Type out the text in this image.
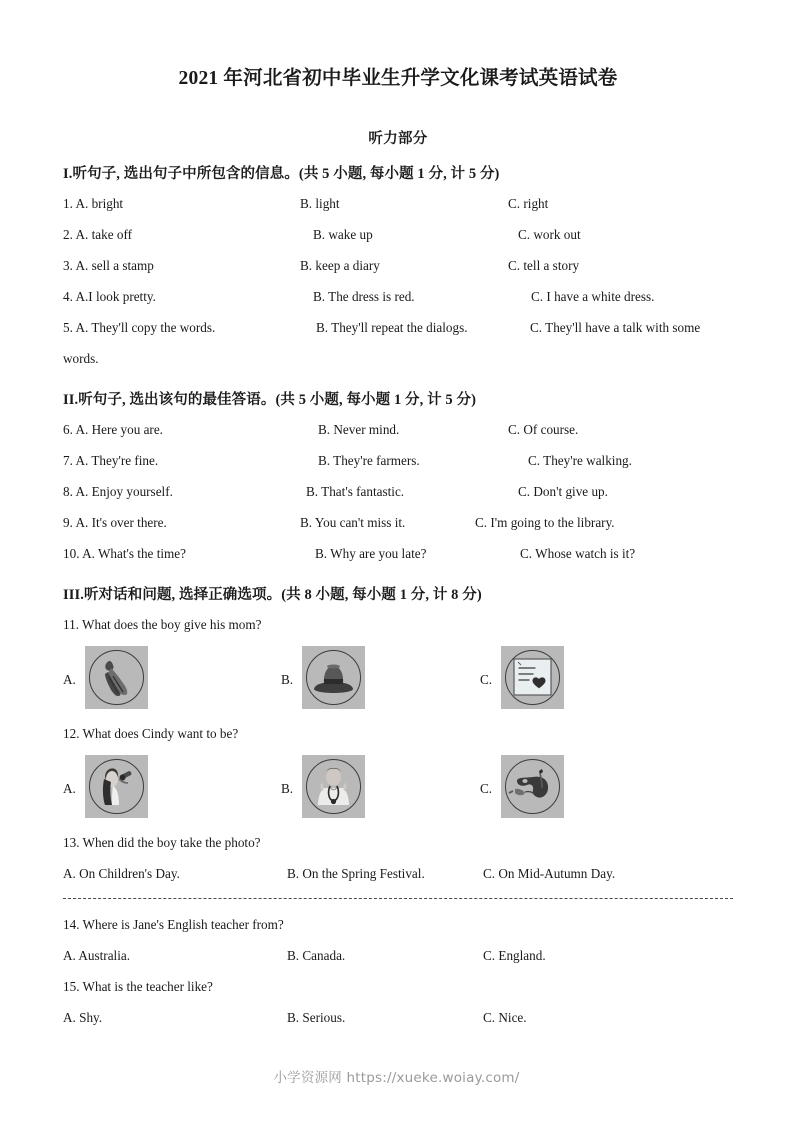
2021 年河北省初中毕业生升学文化课考试英语试卷
听力部分
I.听句子, 选出句子中所包含的信息。(共 5 小题, 每小题 1 分, 计 5 分)
1. A. bright	B. light	C. right
2. A. take off	B. wake up	C. work out
3. A. sell a stamp	B. keep a diary	C. tell a story
4. A.I look pretty.	B. The dress is red.	C. I have a white dress.
5. A. They'll copy the words.	B. They'll repeat the dialogs.	C. They'll have a talk with some
words.
II.听句子, 选出该句的最佳答语。(共 5 小题, 每小题 1 分, 计 5 分)
6. A. Here you are.	B. Never mind.	C. Of course.
7. A. They're fine.	B. They're farmers.	C. They're walking.
8. A. Enjoy yourself.	B. That's fantastic.	C. Don't give up.
9. A. It's over there.	B. You can't miss it.	C. I'm going to the library.
10. A. What's the time?	B. Why are you late?	C. Whose watch is it?
III.听对话和问题, 选择正确选项。(共 8 小题, 每小题 1 分, 计 8 分)
11. What does the boy give his mom?
A.	B.	C.
12. What does Cindy want to be?
A.	B.	C.
13. When did the boy take the photo?
A. On Children's Day.	B. On the Spring Festival.	C. On Mid-Autumn Day.
14. Where is Jane's English teacher from?
A. Australia.	B. Canada.	C. England.
15. What is the teacher like?
A. Shy.	B. Serious.	C. Nice.
小学资源网 https://xueke.woiay.com/
